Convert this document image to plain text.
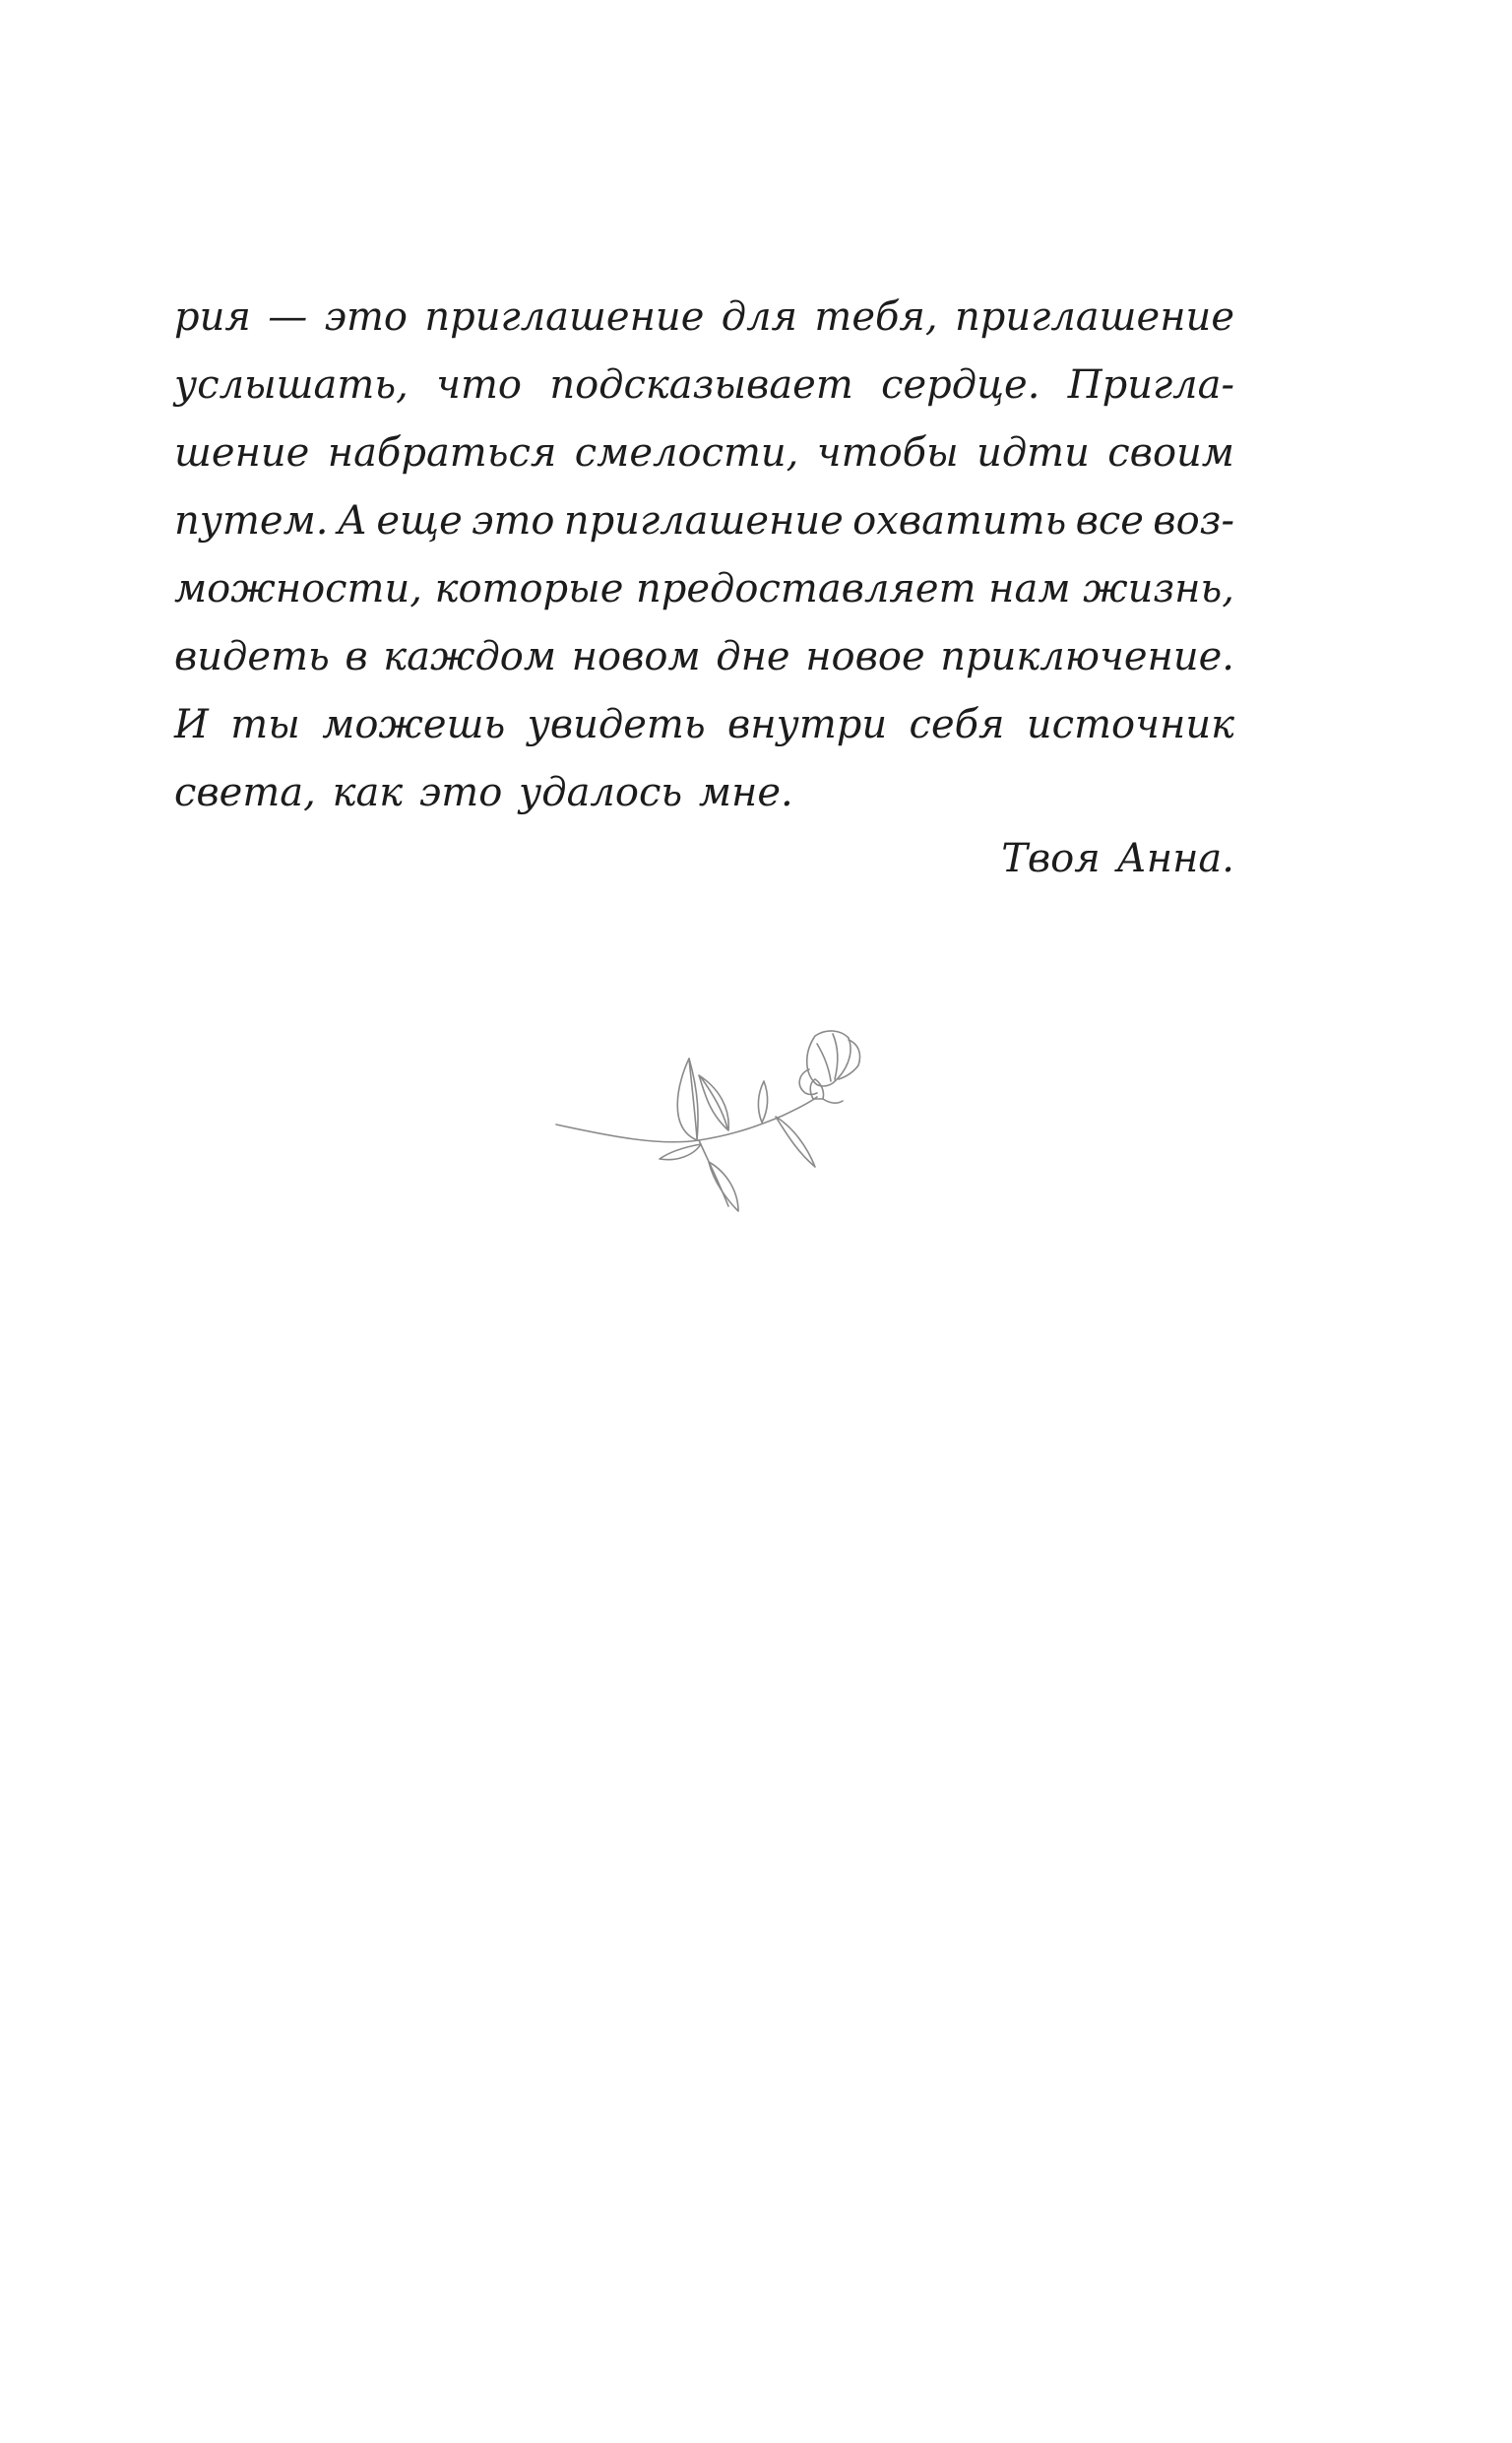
рия — это приглашение для тебя, приглашение
услышать, что подсказывает сердце. Пригла-
шение набраться смелости, чтобы идти своим
путем. А еще это приглашение охватить все воз-
можности, которые предоставляет нам жизнь,
видеть в каждом новом дне новое приключение.
И ты можешь увидеть внутри себя источник
света, как это удалось мне.
Твоя Анна.
